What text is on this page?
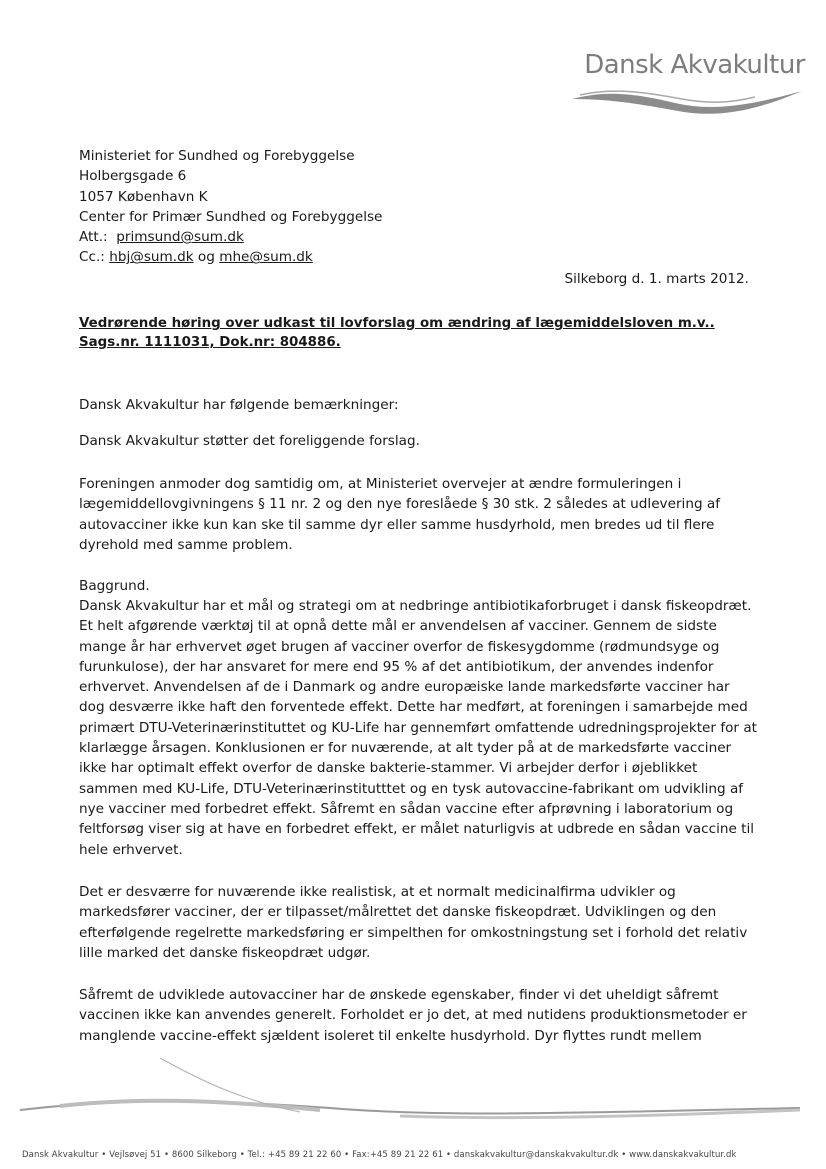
Dansk Akvakultur
Ministeriet for Sundhed og Forebyggelse
Holbergsgade 6
1057 København K
Center for Primær Sundhed og Forebyggelse
Att.: primsund@sum.dk
Cc.: hbj@sum.dk og mhe@sum.dk
Silkeborg d. 1. marts 2012.
Vedrørende høring over udkast til lovforslag om ændring af lægemiddelsloven m.v..
Sags.nr. 1111031, Dok.nr: 804886.

Dansk Akvakultur har følgende bemærkninger:

Dansk Akvakultur støtter det foreliggende forslag.

Foreningen anmoder dog samtidig om, at Ministeriet overvejer at ændre formuleringen i lægemiddellovgivningens § 11 nr. 2 og den nye foreslåede § 30 stk. 2 således at udlevering af autovacciner ikke kun kan ske til samme dyr eller samme husdyrhold, men bredes ud til flere dyrehold med samme problem.

Baggrund.

Dansk Akvakultur har et mål og strategi om at nedbringe antibiotikaforbruget i dansk fiskeopdræt. Et helt afgørende værktøj til at opnå dette mål er anvendelsen af vacciner. Gennem de sidste mange år har erhvervet øget brugen af vacciner overfor de fiskesygdomme (rødmundsyge og furunkulose), der har ansvaret for mere end 95 % af det antibiotikum, der anvendes indenfor erhvervet. Anvendelsen af de i Danmark og andre europæiske lande markedsførte vacciner har dog desværre ikke haft den forventede effekt. Dette har medført, at foreningen i samarbejde med primært DTU-Veterinærinstituttet og KU-Life har gennemført omfattende udredningsprojekter for at klarlægge årsagen. Konklusionen er for nuværende, at alt tyder på at de markedsførte vacciner ikke har optimalt effekt overfor de danske bakterie-stammer. Vi arbejder derfor i øjeblikket sammen med KU-Life, DTU-Veterinærinstitutttet og en tysk autovaccine-fabrikant om udvikling af nye vacciner med forbedret effekt. Såfremt en sådan vaccine efter afprøvning i laboratorium og feltforsøg viser sig at have en forbedret effekt, er målet naturligvis at udbrede en sådan vaccine til hele erhvervet.

Det er desværre for nuværende ikke realistisk, at et normalt medicinalfirma udvikler og markedsfører vacciner, der er tilpasset/målrettet det danske fiskeopdræt. Udviklingen og den efterfølgende regelrette markedsføring er simpelthen for omkostningstung set i forhold det relativ lille marked det danske fiskeopdræt udgør.

Såfremt de udviklede autovacciner har de ønskede egenskaber, finder vi det uheldigt såfremt vaccinen ikke kan anvendes generelt. Forholdet er jo det, at med nutidens produktionsmetoder er manglende vaccine-effekt sjældent isoleret til enkelte husdyrhold. Dyr flyttes rundt mellem

Dansk Akvakultur • Vejlsøvej 51 • 8600 Silkeborg • Tel.: +45 89 21 22 60 • Fax:+45 89 21 22 61 • danskakvakultur@danskakvakultur.dk • www.danskakvakultur.dk
